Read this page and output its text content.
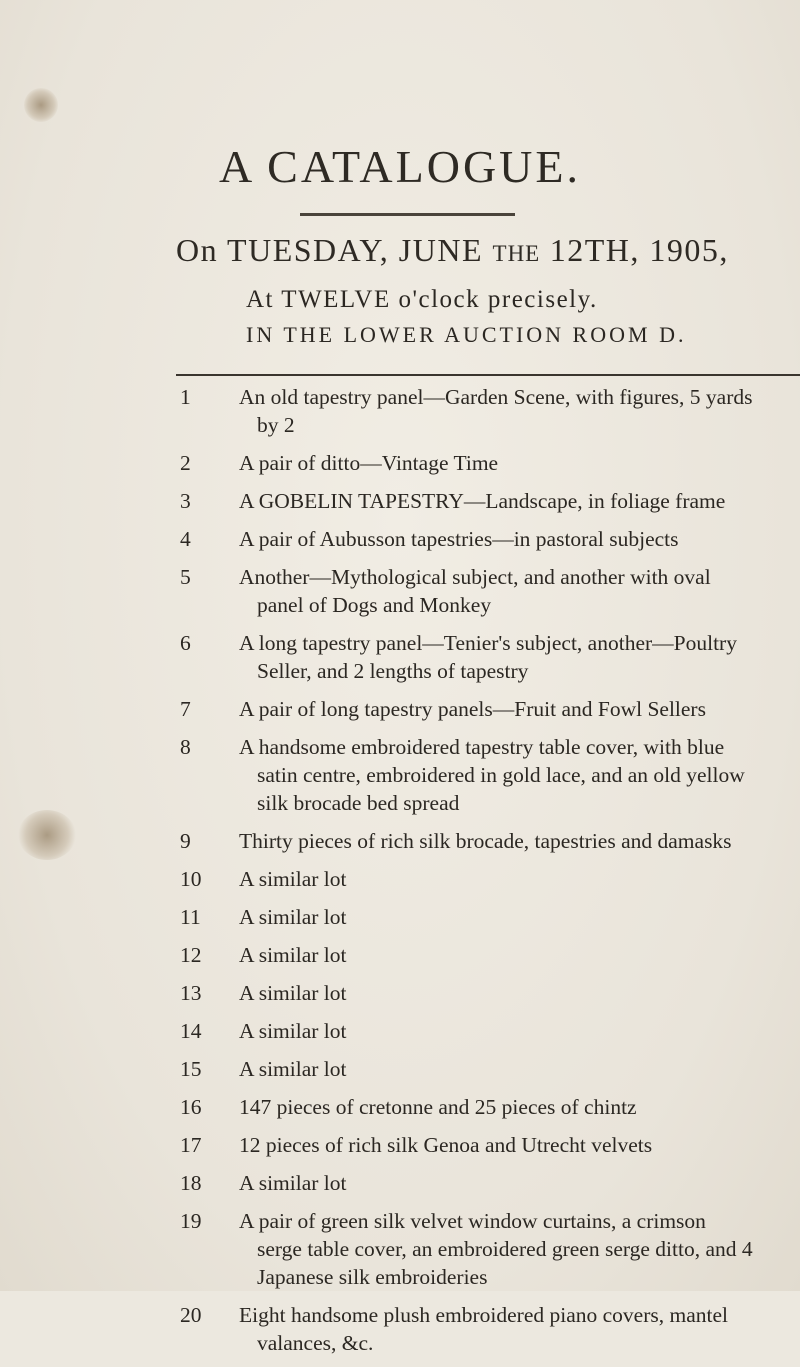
A CATALOGUE.
On TUESDAY, JUNE THE 12TH, 1905,
At TWELVE o'clock precisely.
IN THE LOWER AUCTION ROOM D.
1	An old tapestry panel—Garden Scene, with figures, 5 yards
by 2
2	A pair of ditto—Vintage Time
3	A GOBELIN TAPESTRY—Landscape, in foliage frame
4	A pair of Aubusson tapestries—in pastoral subjects
5	Another—Mythological subject, and another with oval
panel of Dogs and Monkey
6	A long tapestry panel—Tenier's subject, another—Poultry
Seller, and 2 lengths of tapestry
7	A pair of long tapestry panels—Fruit and Fowl Sellers
8	A handsome embroidered tapestry table cover, with blue
satin centre, embroidered in gold lace, and an old yellow
silk brocade bed spread
9	Thirty pieces of rich silk brocade, tapestries and damasks
10	A similar lot
11	A similar lot
12	A similar lot
13	A similar lot
14	A similar lot
15	A similar lot
16	147 pieces of cretonne and 25 pieces of chintz
17	12 pieces of rich silk Genoa and Utrecht velvets
18	A similar lot
19	A pair of green silk velvet window curtains, a crimson
serge table cover, an embroidered green serge ditto, and 4
Japanese silk embroideries
20	Eight handsome plush embroidered piano covers, mantel
valances, &c.
